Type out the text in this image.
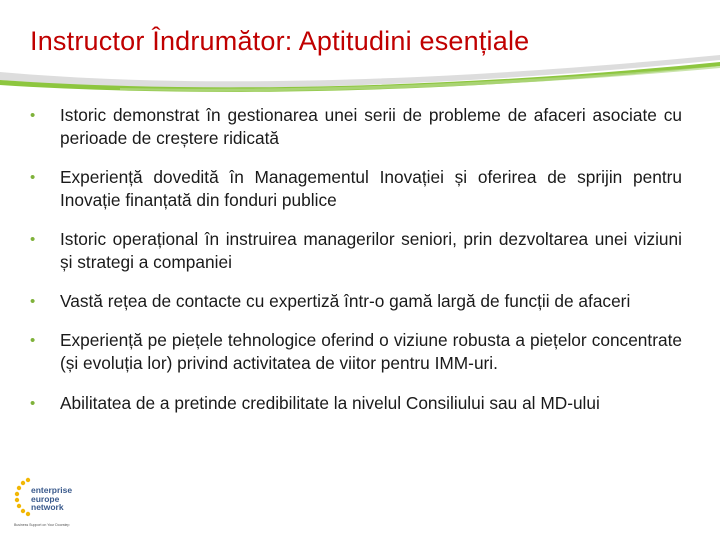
Instructor Îndrumător: Aptitudini esențiale
• Istoric demonstrat în gestionarea unei serii de probleme de afaceri asociate cu perioade de creștere ridicată
• Experiență dovedită în Managementul Inovației și oferirea de sprijin pentru Inovație finanțată din fonduri publice
• Istoric operațional în instruirea managerilor seniori, prin dezvoltarea unei viziuni și strategi a companiei
• Vastă rețea de contacte cu expertiză într-o gamă largă de funcții de afaceri
• Experiență pe piețele tehnologice oferind o viziune robusta a piețelor concentrate (și evoluția lor) privind activitatea de viitor pentru IMM-uri.
• Abilitatea de a pretinde credibilitate la nivelul Consiliului sau al MD-ului
enterprise
europe
network
Business Support on Your Doorstep
